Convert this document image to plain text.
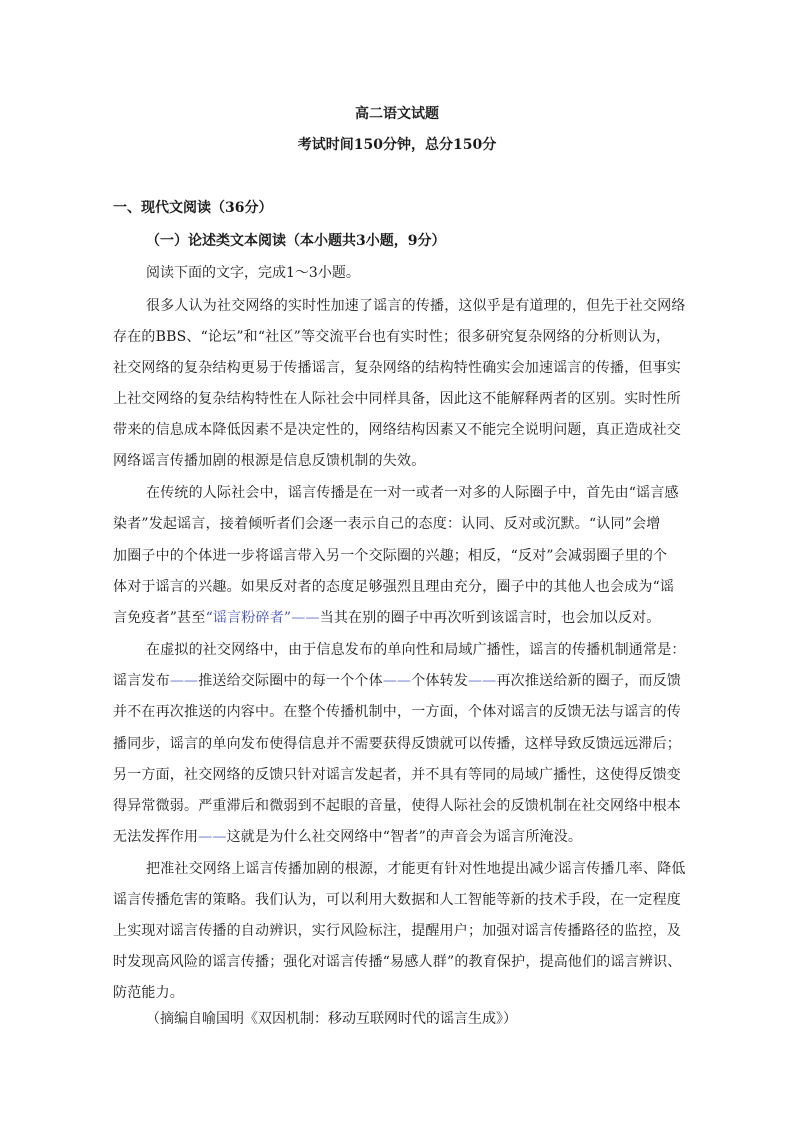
高二语文试题
考试时间150分钟，总分150分
一、现代文阅读（36分）
（一）论述类文本阅读（本小题共3小题，9分）
阅读下面的文字，完成1～3小题。
很多人认为社交网络的实时性加速了谣言的传播，这似乎是有道理的，但先于社交网络
存在的BBS、“论坛”和“社区”等交流平台也有实时性；很多研究复杂网络的分析则认为，
社交网络的复杂结构更易于传播谣言，复杂网络的结构特性确实会加速谣言的传播，但事实
上社交网络的复杂结构特性在人际社会中同样具备，因此这不能解释两者的区别。实时性所
带来的信息成本降低因素不是决定性的，网络结构因素又不能完全说明问题，真正造成社交
网络谣言传播加剧的根源是信息反馈机制的失效。
在传统的人际社会中，谣言传播是在一对一或者一对多的人际圈子中，首先由“谣言感
染者”发起谣言，接着倾听者们会逐一表示自己的态度：认同、反对或沉默。“认同”会增
加圈子中的个体进一步将谣言带入另一个交际圈的兴趣；相反，“反对”会减弱圈子里的个
体对于谣言的兴趣。如果反对者的态度足够强烈且理由充分，圈子中的其他人也会成为“谣
言免疫者”甚至“谣言粉碎者”——当其在别的圈子中再次听到该谣言时，也会加以反对。
在虚拟的社交网络中，由于信息发布的单向性和局域广播性，谣言的传播机制通常是：
谣言发布——推送给交际圈中的每一个个体——个体转发——再次推送给新的圈子，而反馈
并不在再次推送的内容中。在整个传播机制中，一方面，个体对谣言的反馈无法与谣言的传
播同步，谣言的单向发布使得信息并不需要获得反馈就可以传播，这样导致反馈远远滞后；
另一方面，社交网络的反馈只针对谣言发起者，并不具有等同的局域广播性，这使得反馈变
得异常微弱。严重滞后和微弱到不起眼的音量，使得人际社会的反馈机制在社交网络中根本
无法发挥作用——这就是为什么社交网络中“智者”的声音会为谣言所淹没。
把准社交网络上谣言传播加剧的根源，才能更有针对性地提出减少谣言传播几率、降低
谣言传播危害的策略。我们认为，可以利用大数据和人工智能等新的技术手段，在一定程度
上实现对谣言传播的自动辨识，实行风险标注，提醒用户；加强对谣言传播路径的监控，及
时发现高风险的谣言传播；强化对谣言传播“易感人群”的教育保护，提高他们的谣言辨识、
防范能力。
（摘编自喻国明《双因机制：移动互联网时代的谣言生成》）
